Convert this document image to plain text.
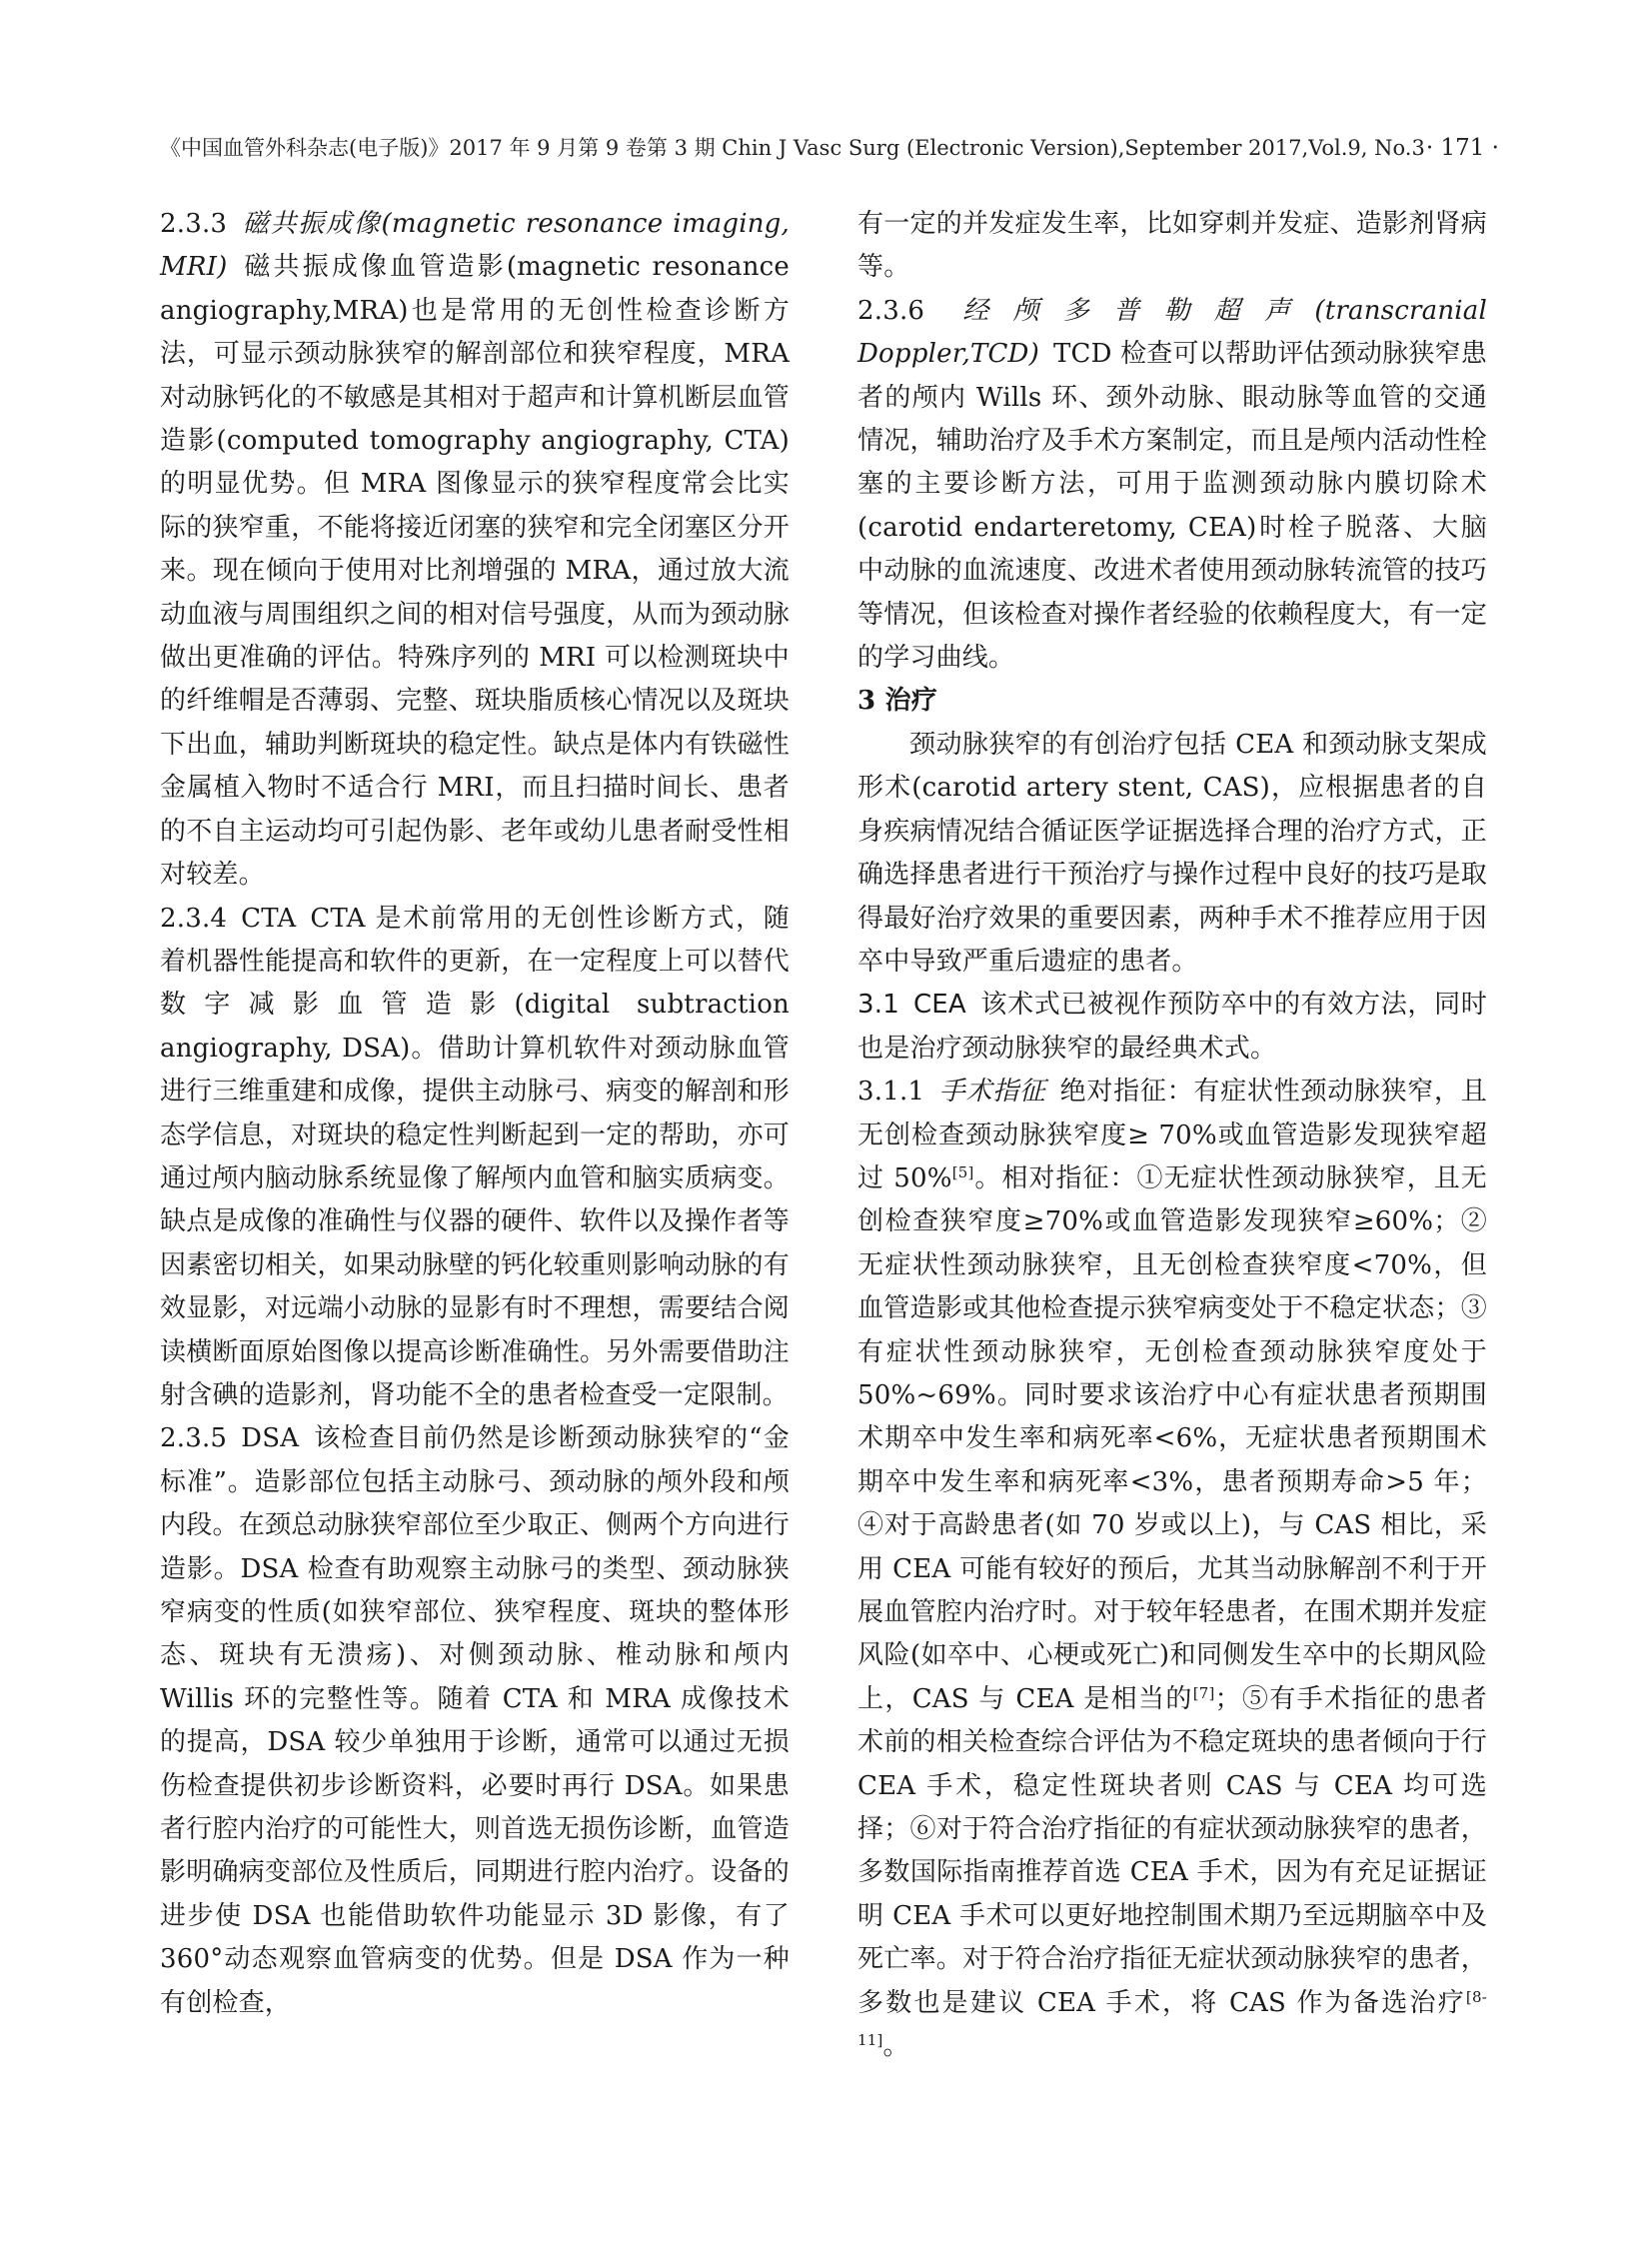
《中国血管外科杂志(电子版)》2017 年 9 月第 9 卷第 3 期 Chin J Vasc Surg (Electronic Version),September 2017,Vol.9, No.3 · 171 ·

2.3.3 磁共振成像(magnetic resonance imaging, MRI) 磁共振成像血管造影(magnetic resonance angiography,MRA)也是常用的无创性检查诊断方法，可显示颈动脉狭窄的解剖部位和狭窄程度，MRA 对动脉钙化的不敏感是其相对于超声和计算机断层血管造影(computed tomography angiography, CTA)的明显优势。但 MRA 图像显示的狭窄程度常会比实际的狭窄重，不能将接近闭塞的狭窄和完全闭塞区分开来。现在倾向于使用对比剂增强的 MRA，通过放大流动血液与周围组织之间的相对信号强度，从而为颈动脉做出更准确的评估。特殊序列的 MRI 可以检测斑块中的纤维帽是否薄弱、完整、斑块脂质核心情况以及斑块下出血，辅助判断斑块的稳定性。缺点是体内有铁磁性金属植入物时不适合行 MRI，而且扫描时间长、患者的不自主运动均可引起伪影、老年或幼儿患者耐受性相对较差。

2.3.4 CTA CTA 是术前常用的无创性诊断方式，随着机器性能提高和软件的更新，在一定程度上可以替代数字减影血管造影(digital subtraction angiography, DSA)。借助计算机软件对颈动脉血管进行三维重建和成像，提供主动脉弓、病变的解剖和形态学信息，对斑块的稳定性判断起到一定的帮助，亦可通过颅内脑动脉系统显像了解颅内血管和脑实质病变。缺点是成像的准确性与仪器的硬件、软件以及操作者等因素密切相关，如果动脉壁的钙化较重则影响动脉的有效显影，对远端小动脉的显影有时不理想，需要结合阅读横断面原始图像以提高诊断准确性。另外需要借助注射含碘的造影剂，肾功能不全的患者检查受一定限制。

2.3.5 DSA 该检查目前仍然是诊断颈动脉狭窄的“金标准”。造影部位包括主动脉弓、颈动脉的颅外段和颅内段。在颈总动脉狭窄部位至少取正、侧两个方向进行造影。DSA 检查有助观察主动脉弓的类型、颈动脉狭窄病变的性质(如狭窄部位、狭窄程度、斑块的整体形态、斑块有无溃疡)、对侧颈动脉、椎动脉和颅内 Willis 环的完整性等。随着 CTA 和 MRA 成像技术的提高，DSA 较少单独用于诊断，通常可以通过无损伤检查提供初步诊断资料，必要时再行 DSA。如果患者行腔内治疗的可能性大，则首选无损伤诊断，血管造影明确病变部位及性质后，同期进行腔内治疗。设备的进步使 DSA 也能借助软件功能显示 3D 影像，有了 360°动态观察血管病变的优势。但是 DSA 作为一种有创检查，

有一定的并发症发生率，比如穿刺并发症、造影剂肾病等。

2.3.6 经颅多普勒超声(transcranial Doppler,TCD) TCD 检查可以帮助评估颈动脉狭窄患者的颅内 Wills 环、颈外动脉、眼动脉等血管的交通情况，辅助治疗及手术方案制定，而且是颅内活动性栓塞的主要诊断方法，可用于监测颈动脉内膜切除术(carotid endarteretomy, CEA)时栓子脱落、大脑中动脉的血流速度、改进术者使用颈动脉转流管的技巧等情况，但该检查对操作者经验的依赖程度大，有一定的学习曲线。

3 治疗

颈动脉狭窄的有创治疗包括 CEA 和颈动脉支架成形术(carotid artery stent, CAS)，应根据患者的自身疾病情况结合循证医学证据选择合理的治疗方式，正确选择患者进行干预治疗与操作过程中良好的技巧是取得最好治疗效果的重要因素，两种手术不推荐应用于因卒中导致严重后遗症的患者。

3.1 CEA 该术式已被视作预防卒中的有效方法，同时也是治疗颈动脉狭窄的最经典术式。

3.1.1 手术指征 绝对指征：有症状性颈动脉狭窄，且无创检查颈动脉狭窄度≥ 70%或血管造影发现狭窄超过 50%[5]。相对指征：①无症状性颈动脉狭窄，且无创检查狭窄度≥70%或血管造影发现狭窄≥60%；②无症状性颈动脉狭窄，且无创检查狭窄度<70%，但血管造影或其他检查提示狭窄病变处于不稳定状态；③有症状性颈动脉狭窄，无创检查颈动脉狭窄度处于 50%~69%。同时要求该治疗中心有症状患者预期围术期卒中发生率和病死率<6%，无症状患者预期围术期卒中发生率和病死率<3%，患者预期寿命>5 年；④对于高龄患者(如 70 岁或以上)，与 CAS 相比，采用 CEA 可能有较好的预后，尤其当动脉解剖不利于开展血管腔内治疗时。对于较年轻患者，在围术期并发症风险(如卒中、心梗或死亡)和同侧发生卒中的长期风险上，CAS 与 CEA 是相当的[7]；⑤有手术指征的患者术前的相关检查综合评估为不稳定斑块的患者倾向于行 CEA 手术，稳定性斑块者则 CAS 与 CEA 均可选择；⑥对于符合治疗指征的有症状颈动脉狭窄的患者，多数国际指南推荐首选 CEA 手术，因为有充足证据证明 CEA 手术可以更好地控制围术期乃至远期脑卒中及死亡率。对于符合治疗指征无症状颈动脉狭窄的患者，多数也是建议 CEA 手术，将 CAS 作为备选治疗[8-11]。
